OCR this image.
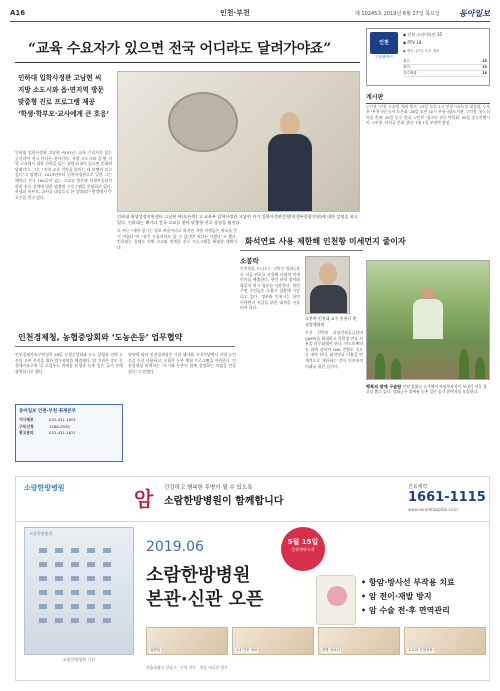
A16	인천·부천	제 10245호 2019년 6월 27일 목요일 동아일보
“교육 수요자가 있으면 전국 어디라도 달려가야죠”
인하대 입학사정관 고남현 씨
지방 소도시와 읍·면지역 방문
맞춤형 진로 프로그램 제공
‘학생·학부모·교사에게 큰 호응’
인하대 학생성장지원센터 고남현 씨(오른쪽) 고 교육부 입학사정관 고남현 씨가 입학사정관전형(학생부종합전형)에 대한 설명을 하고 있다. 인하대는 해마다 전국 고교를 찾아 맞춤형 진로 상담을 펼친다.
인하대 입학사정관 고남현 씨(53)는 교육 수요자가 있는 곳이라면 전국 어디든 찾아간다. 지방 소도시와 읍·면 지역 고교에서 대학 진학을 돕는 강연 요청이 있으면 흔쾌히 달려간다. 그는 “지역 교육 격차를 줄이는 데 보탬이 되고 싶다”고 말했다. 2013년부터 입학사정관으로 일한 그는 해마다 전국 100곳이 넘는 고교를 방문해 학생부종합전형과 진로 설계에 대한 맞춤형 프로그램을 운영하고 있다. 학생과 학부모, 교사를 대상으로 한 설명회는 현장에서 큰 호응을 얻고 있다.
고 씨는 “대학 입시는 정보 싸움이라고 하지만 지방 학생들은 정보를 얻기 어렵다”며 “작은 도움이라도 줄 수 있다면 어디든 가겠다”고 했다. 인하대는 올해도 지역 고교와 연계한 진로 프로그램을 확대할 계획이다.
화석연료 사용 제한해 인천항 미세먼지 줄이자
소봉락
인천항을 드나드는 선박은 벙커C유 등 저급 연료를 사용해 다량의 미세먼지를 배출한다. 항만 하역 장비와 화물차 역시 경유를 사용한다. 항만 주변 주민들은 호흡기 질환에 시달리고 있다. 정부와 인천시는 항만 미세먼지 저감을 위한 대책을 서둘러야 한다.
소봉락 인천대 교수 인천시 환경정책위원
우선 선박용 육상전원공급설비(AMP)를 확대하고 친환경 연료 사용을 의무화해야 한다. 야드트랙터 등 하역 장비의 LNG 전환도 속도를 내야 한다. 화석연료 사용을 단계적으로 제한하는 것이 인천항의 미래를 위한 길이다.
인천경제청, 농협중앙회와 ‘도농손둥’ 업무협약
인천경제자유구역청은 26일 농협중앙회와 도농 상생과 지역 농산물 소비 촉진을 위한 업무협약을 체결했다. 양 기관은 송도 등 경제자유구역 내 로컬푸드 직매장 운영과 농촌 일손 돕기 등에 협력하기로 했다.
협약에 따라 인천경제청은 기관 행사와 구내식당에서 지역 농산물을 우선 사용하고, 농협은 농촌 체험 프로그램을 지원한다. 인천경제청 관계자는 “도시와 농촌이 함께 성장하는 모델을 만들겠다”고 말했다.
동아일보 인천·부천 취재본부
기사제보	032-431-1601
구독신청	1588-0939
광고문의	032-431-1621
인천
인천광역시
◆ 인천 스카이라인 15
◆ PTV 18
◆ 평년: 27일 오후 예보
최고	25
최저	19
강수확률	14
게시판
▽인천 ‘인천 고교생 미래 캠프’ 27일 오후 2시 인천시교육청 대강당. ▽부천 ‘부천시민 독서 토론회’ 28일 오전 10시 부천시립도서관. ▽인천 ‘원도심 마을 축제’ 29일 동구 일대. ▽인천 ‘청소년 진로 박람회’ 30일 송도컨벤시아. ▽부천 ‘복사골 문화 장터’ 7월 1일 부천역 광장.
행복의 밭에 구슬땀 인천 강화군 농가에서 자원봉사자가 모내기 이후 잡초를 뽑고 있다. 강화군은 올여름 농촌 일손 돕기 참여자를 모집한다.
소람한방병원	암 건강하고 행복한 투병이 될 수 있도록
소람한방병원이 함께합니다
진료예약
1661-1115
www.soramhospital.co.kr
소람한방병원
소람한방병원 신관
2019.06	5월 15일
입원예약시작
소람한방병원
본관·신관 오픈
• 항암·방사선 부작용 치료
• 암 전이·재발 방지
• 암 수술 전·후 면역관리
입원실	1:1 간호 치료	한방 치료실	고주파 온열치료
서울특별시 강남구 · 주차 가능 · 전문 의료진 상주
